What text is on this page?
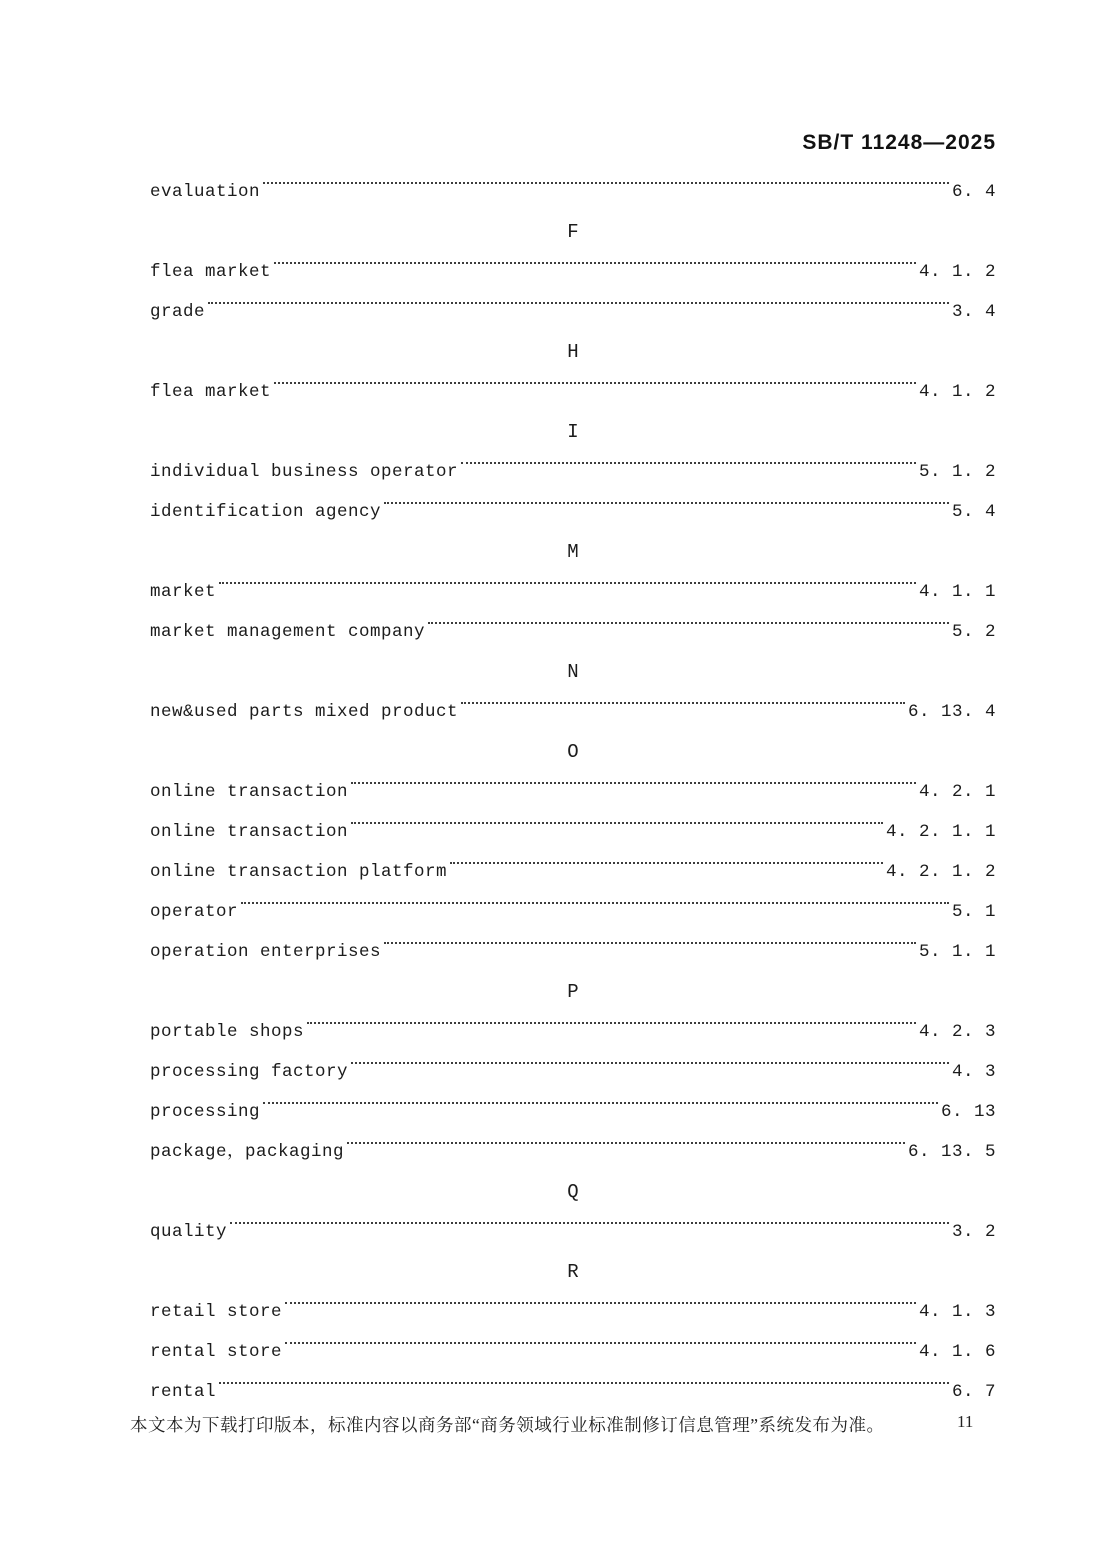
SB/T 11248—2025
evaluation	6. 4
F
flea market	4. 1. 2
grade	3. 4
H
flea market	4. 1. 2
I
individual business operator	5. 1. 2
identification agency	5. 4
M
market	4. 1. 1
market management company	5. 2
N
new&used parts mixed product	6. 13. 4
O
online transaction	4. 2. 1
online transaction	4. 2. 1. 1
online transaction platform	4. 2. 1. 2
operator	5. 1
operation enterprises	5. 1. 1
P
portable shops	4. 2. 3
processing factory	4. 3
processing	6. 13
package，packaging	6. 13. 5
Q
quality	3. 2
R
retail store	4. 1. 3
rental store	4. 1. 6
rental	6. 7
本文本为下载打印版本，标准内容以商务部“商务领域行业标准制修订信息管理”系统发布为准。	11
